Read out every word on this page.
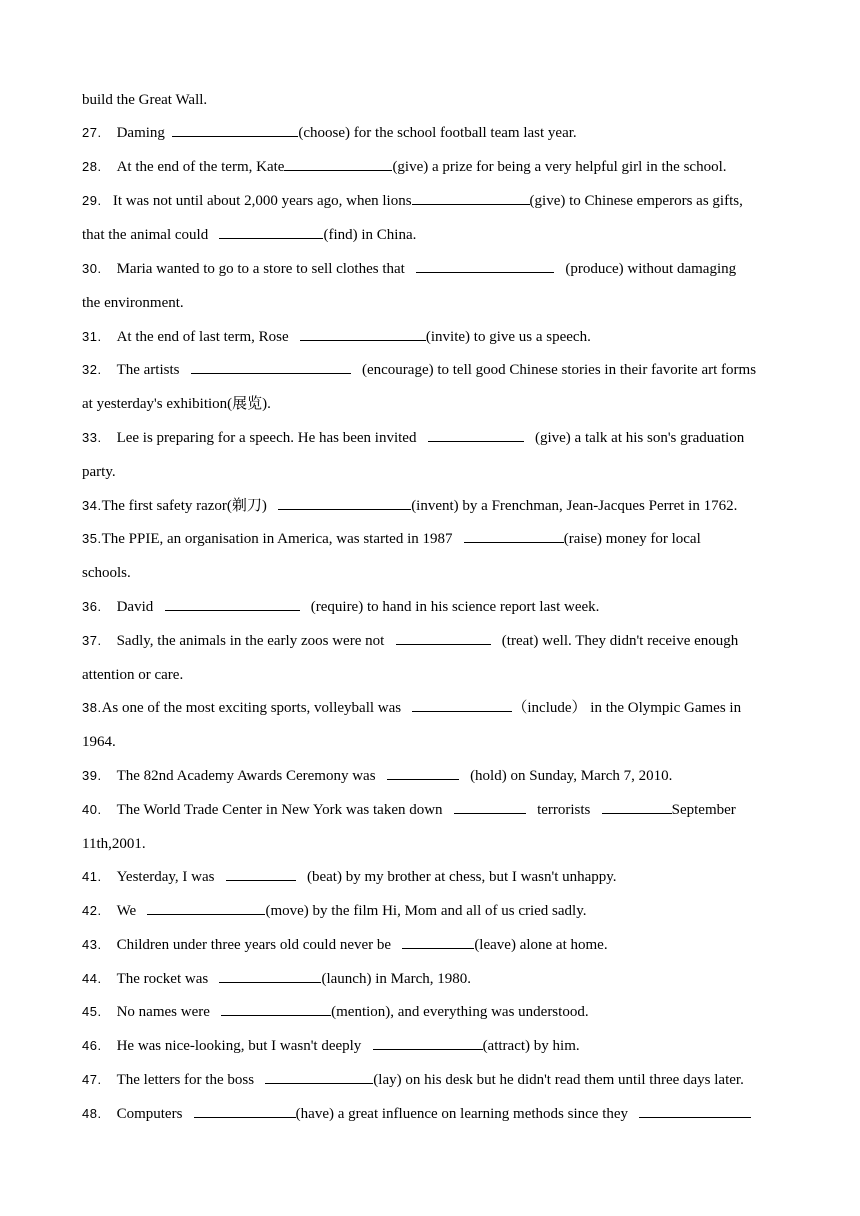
build the Great Wall.
27. Daming	(choose) for the school football team last year.
28. At the end of the term, Kate	(give) a prize for being a very helpful girl in the school.
29. It was not until about 2,000 years ago, when lions	(give) to Chinese emperors as gifts,
that the animal could	(find) in China.
30. Maria wanted to go to a store to sell clothes that	(produce) without damaging
the environment.
31. At the end of last term, Rose	(invite) to give us a speech.
32. The artists	(encourage) to tell good Chinese stories in their favorite art forms
at yesterday's exhibition(展览).
33. Lee is preparing for a speech. He has been invited	(give) a talk at his son's graduation
party.
34.The first safety razor(剃刀)	(invent) by a Frenchman, Jean-Jacques Perret in 1762.
35.The PPIE, an organisation in America, was started in 1987	(raise) money for local
schools.
36. David	(require) to hand in his science report last week.
37. Sadly, the animals in the early zoos were not	(treat) well. They didn't receive enough
attention or care.
38.As one of the most exciting sports, volleyball was	（include） in the Olympic Games in
1964.
39. The 82nd Academy Awards Ceremony was	(hold) on Sunday, March 7, 2010.
40. The World Trade Center in New York was taken down	terrorists	September
11th,2001.
41. Yesterday, I was	(beat) by my brother at chess, but I wasn't unhappy.
42. We	(move) by the film Hi, Mom and all of us cried sadly.
43. Children under three years old could never be	(leave) alone at home.
44. The rocket was	(launch) in March, 1980.
45. No names were	(mention), and everything was understood.
46. He was nice-looking, but I wasn't deeply	(attract) by him.
47. The letters for the boss	(lay) on his desk but he didn't read them until three days later.
48. Computers	(have) a great influence on learning methods since they
